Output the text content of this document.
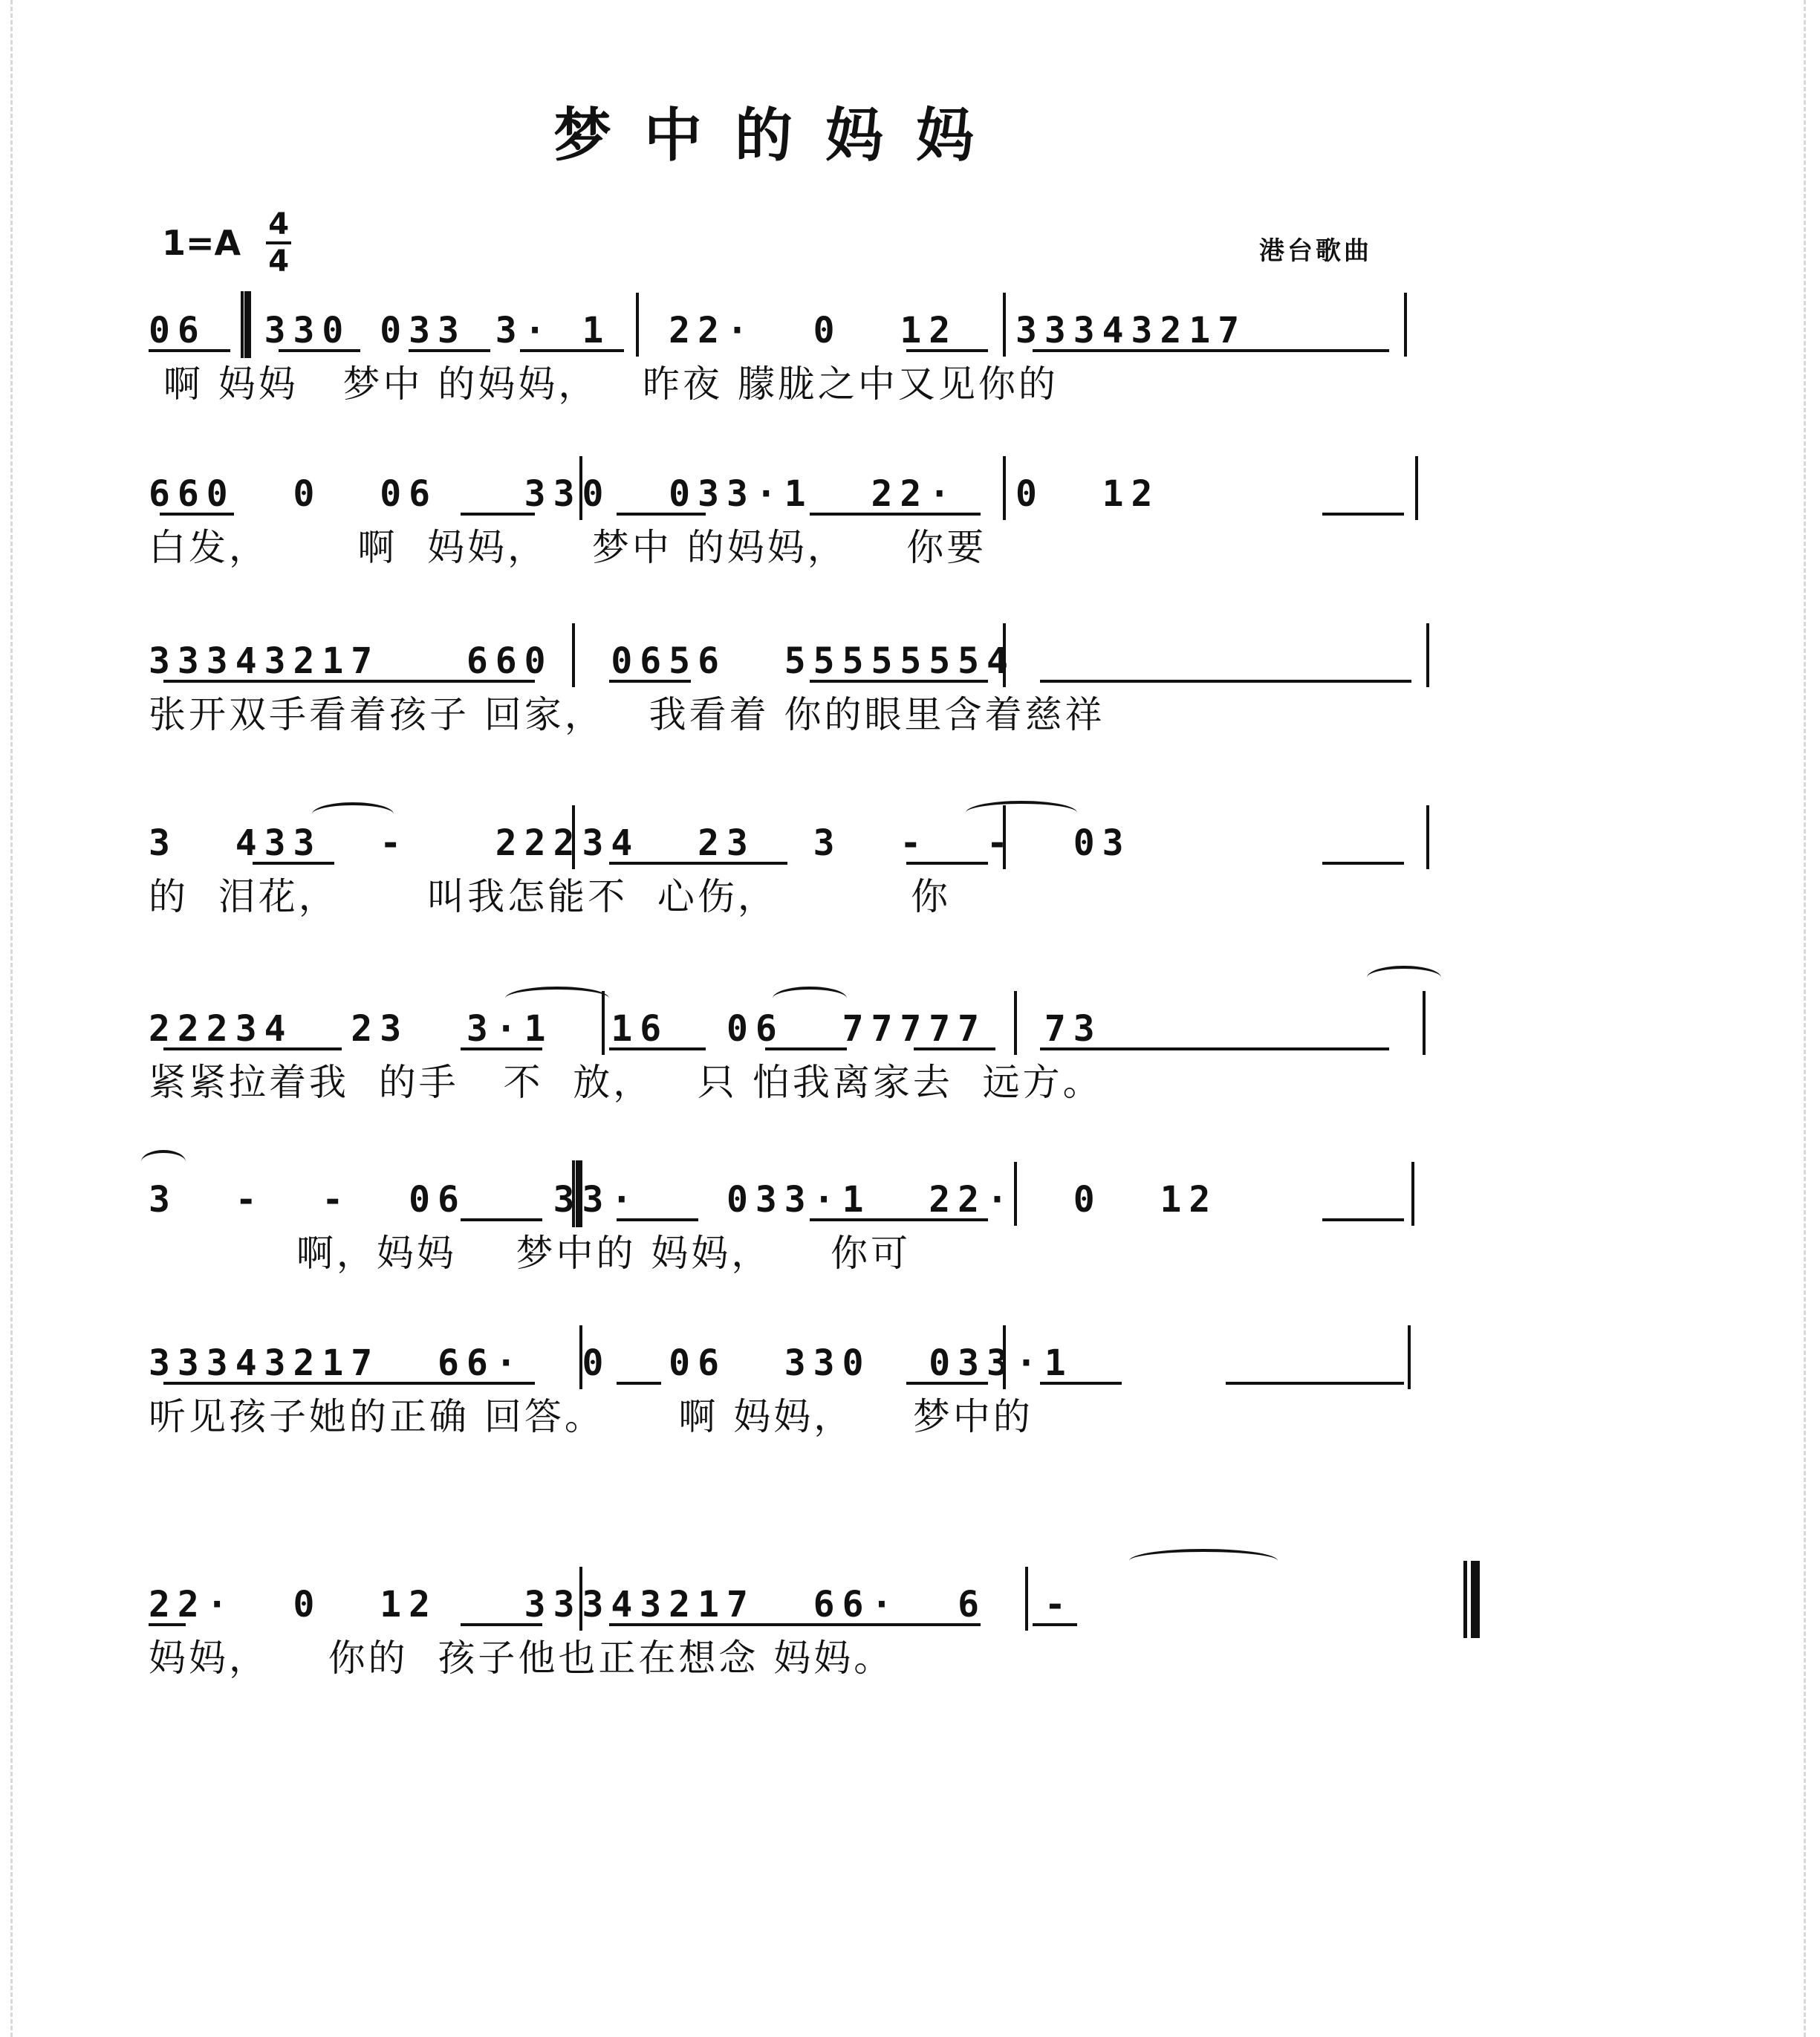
梦中的妈妈
$1=A \frac{4}{4}$	港台歌曲
06  330 033 3· 1  22·  0  12  33343217
啊 妈妈   梦中 的妈妈，   昨夜 朦胧之中又见你的
660  0  06   330  033·1  22·  0  12
白发，      啊  妈妈，   梦中 的妈妈，    你要
33343217   660  0656  55555554
张开双手看着孩子 回家，   我看着 你的眼里含着慈祥
3  433  -   22234  23  3  -  -  03
的  泪花，      叫我怎能不  心伤，         你
22234  23  3·1  16  06  77777  73
紧紧拉着我  的手   不  放，   只 怕我离家去  远方。
3  -  -  06   33·   033·1  22·  0  12
啊，妈妈    梦中的 妈妈，    你可
33343217  66·  0  06  330  033·1
听见孩子她的正确 回答。     啊 妈妈，    梦中的
22·  0  12   33343217  66·  6  -
妈妈，    你的  孩子他也正在想念 妈妈。
